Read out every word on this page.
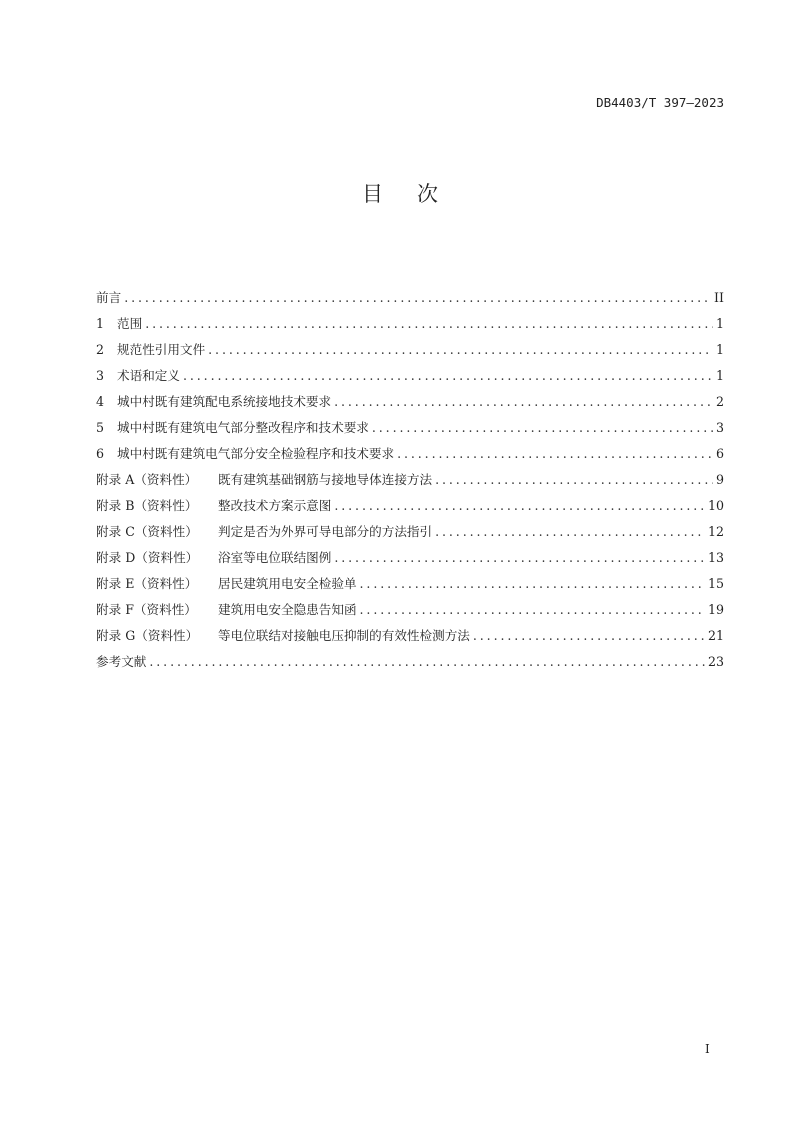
DB4403/T 397—2023
目 次
前言 .....	II
1	范围 .....	1
2	规范性引用文件 .....	1
3	术语和定义 .....	1
4	城中村既有建筑配电系统接地技术要求 .....	2
5	城中村既有建筑电气部分整改程序和技术要求 .....	3
6	城中村既有建筑电气部分安全检验程序和技术要求 .....	6
附录 A（资料性）	既有建筑基础钢筋与接地导体连接方法 .....	9
附录 B（资料性）	整改技术方案示意图 .....	10
附录 C（资料性）	判定是否为外界可导电部分的方法指引 .....	12
附录 D（资料性）	浴室等电位联结图例 .....	13
附录 E（资料性）	居民建筑用电安全检验单 .....	15
附录 F（资料性）	建筑用电安全隐患告知函 .....	19
附录 G（资料性）	等电位联结对接触电压抑制的有效性检测方法 .....	21
参考文献 .....	23
I
